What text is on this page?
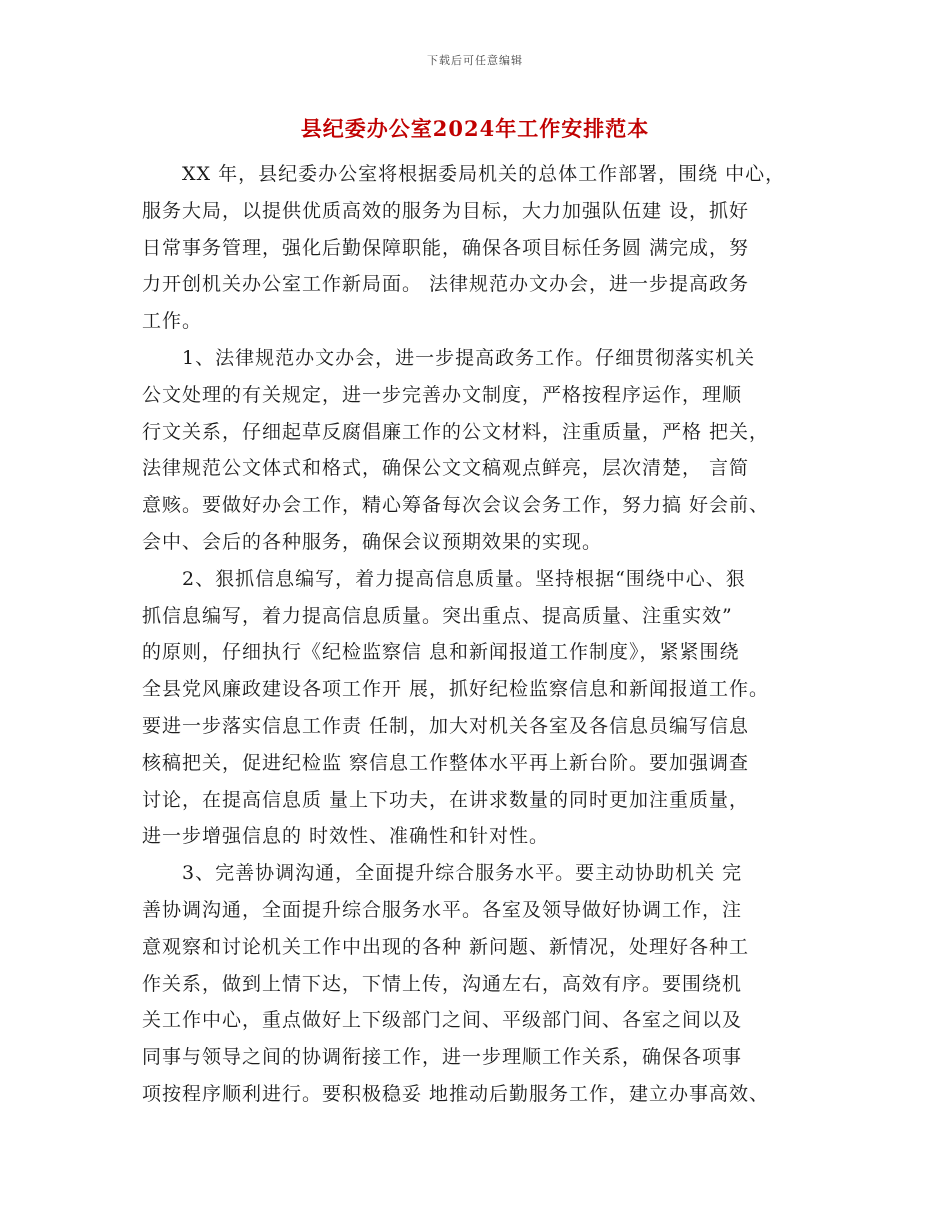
下载后可任意编辑
县纪委办公室2024年工作安排范本
　　XX 年，县纪委办公室将根据委局机关的总体工作部署，围绕 中心，
服务大局，以提供优质高效的服务为目标，大力加强队伍建 设，抓好
日常事务管理，强化后勤保障职能，确保各项目标任务圆 满完成，努
力开创机关办公室工作新局面。 法律规范办文办会，进一步提高政务
工作。
　　1、法律规范办文办会，进一步提高政务工作。仔细贯彻落实机关
公文处理的有关规定，进一步完善办文制度，严格按程序运作，理顺
行文关系，仔细起草反腐倡廉工作的公文材料，注重质量，严格 把关，
法律规范公文体式和格式，确保公文文稿观点鲜亮，层次清楚， 言简
意赅。要做好办会工作，精心筹备每次会议会务工作，努力搞 好会前、
会中、会后的各种服务，确保会议预期效果的实现。
　　2、狠抓信息编写，着力提高信息质量。坚持根据“围绕中心、狠
抓信息编写，着力提高信息质量。突出重点、提高质量、注重实效”
的原则，仔细执行《纪检监察信 息和新闻报道工作制度》，紧紧围绕
全县党风廉政建设各项工作开 展，抓好纪检监察信息和新闻报道工作。
要进一步落实信息工作责 任制，加大对机关各室及各信息员编写信息
核稿把关，促进纪检监 察信息工作整体水平再上新台阶。要加强调查
讨论，在提高信息质 量上下功夫，在讲求数量的同时更加注重质量，
进一步增强信息的 时效性、准确性和针对性。
　　3、完善协调沟通，全面提升综合服务水平。要主动协助机关 完
善协调沟通，全面提升综合服务水平。各室及领导做好协调工作，注
意观察和讨论机关工作中出现的各种 新问题、新情况，处理好各种工
作关系，做到上情下达，下情上传，沟通左右，高效有序。要围绕机
关工作中心，重点做好上下级部门之间、平级部门间、各室之间以及
同事与领导之间的协调衔接工作，进一步理顺工作关系，确保各项事
项按程序顺利进行。要积极稳妥 地推动后勤服务工作，建立办事高效、
